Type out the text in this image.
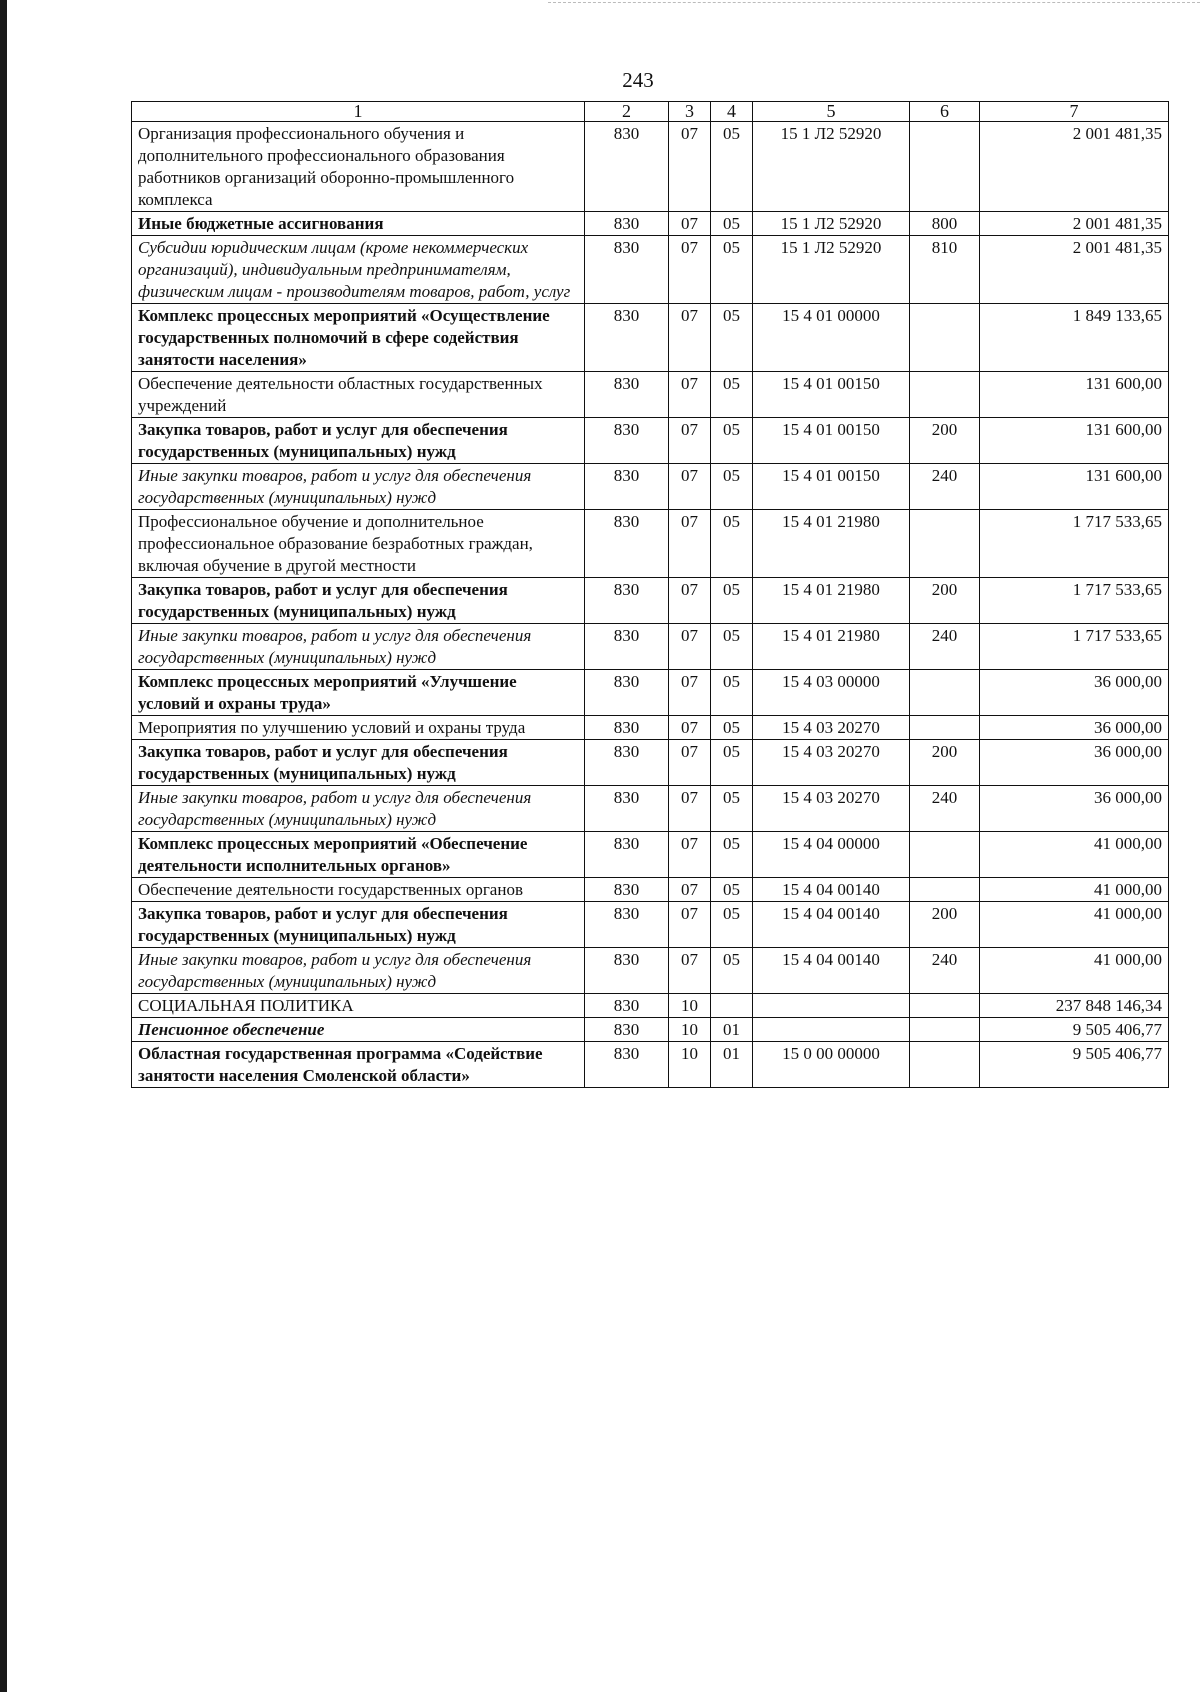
243
1	2	3	4	5	6	7
Организация профессионального обучения и дополнительного профессионального образования работников организаций оборонно-промышленного комплекса	830	07	05	15 1 Л2 52920		2 001 481,35
Иные бюджетные ассигнования	830	07	05	15 1 Л2 52920	800	2 001 481,35
Субсидии юридическим лицам (кроме некоммерческих организаций), индивидуальным предпринимателям, физическим лицам - производителям товаров, работ, услуг	830	07	05	15 1 Л2 52920	810	2 001 481,35
Комплекс процессных мероприятий «Осуществление государственных полномочий в сфере содействия занятости населения»	830	07	05	15 4 01 00000		1 849 133,65
Обеспечение деятельности областных государственных учреждений	830	07	05	15 4 01 00150		131 600,00
Закупка товаров, работ и услуг для обеспечения государственных (муниципальных) нужд	830	07	05	15 4 01 00150	200	131 600,00
Иные закупки товаров, работ и услуг для обеспечения государственных (муниципальных) нужд	830	07	05	15 4 01 00150	240	131 600,00
Профессиональное обучение и дополнительное профессиональное образование безработных граждан, включая обучение в другой местности	830	07	05	15 4 01 21980		1 717 533,65
Закупка товаров, работ и услуг для обеспечения государственных (муниципальных) нужд	830	07	05	15 4 01 21980	200	1 717 533,65
Иные закупки товаров, работ и услуг для обеспечения государственных (муниципальных) нужд	830	07	05	15 4 01 21980	240	1 717 533,65
Комплекс процессных мероприятий «Улучшение условий и охраны труда»	830	07	05	15 4 03 00000		36 000,00
Мероприятия по улучшению условий и охраны труда	830	07	05	15 4 03 20270		36 000,00
Закупка товаров, работ и услуг для обеспечения государственных (муниципальных) нужд	830	07	05	15 4 03 20270	200	36 000,00
Иные закупки товаров, работ и услуг для обеспечения государственных (муниципальных) нужд	830	07	05	15 4 03 20270	240	36 000,00
Комплекс процессных мероприятий «Обеспечение деятельности исполнительных органов»	830	07	05	15 4 04 00000		41 000,00
Обеспечение деятельности государственных органов	830	07	05	15 4 04 00140		41 000,00
Закупка товаров, работ и услуг для обеспечения государственных (муниципальных) нужд	830	07	05	15 4 04 00140	200	41 000,00
Иные закупки товаров, работ и услуг для обеспечения государственных (муниципальных) нужд	830	07	05	15 4 04 00140	240	41 000,00
СОЦИАЛЬНАЯ ПОЛИТИКА	830	10				237 848 146,34
Пенсионное обеспечение	830	10	01			9 505 406,77
Областная государственная программа «Содействие занятости населения Смоленской области»	830	10	01	15 0 00 00000		9 505 406,77
